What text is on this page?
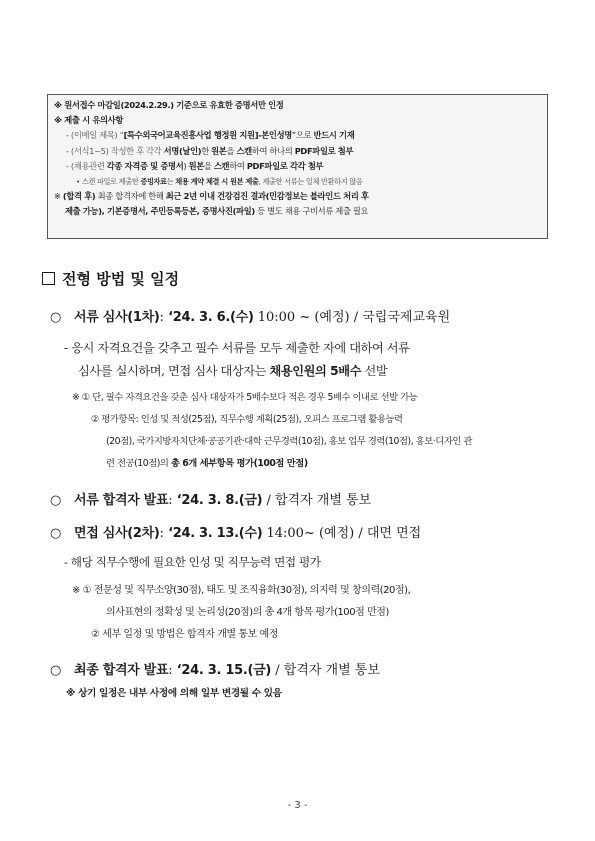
※ 원서접수 마감일(2024.2.29.) 기준으로 유효한 증명서만 인정
※ 제출 시 유의사항
- (이메일 제목) “[특수외국어교육진흥사업 행정원 지원]-본인성명”으로 반드시 기재
- (서식1~5) 작성한 후 각각 서명(날인)한 원본을 스캔하여 하나의 PDF파일로 첨부
- (채용관련 각종 자격증 및 증명서) 원본을 스캔하여 PDF파일로 각각 첨부
• 스캔 파일로 제출한 증빙자료는 채용 계약 체결 시 원본 제출, 제출한 서류는 일체 반환하지 않음
※ (합격 후) 최종 합격자에 한해 최근 2년 이내 건강검진 결과(민감정보는 블라인드 처리 후
제출 가능), 기본증명서, 주민등록등본, 증명사진(파일) 등 별도 채용 구비서류 제출 필요
전형 방법 및 일정
○ 서류 심사(1차): ‘24. 3. 6.(수) 10:00 ~ (예정) / 국립국제교육원
- 응시 자격요건을 갖추고 필수 서류를 모두 제출한 자에 대하여 서류
심사를 실시하며, 면접 심사 대상자는 채용인원의 5배수 선발
※ ① 단, 필수 자격요건을 갖춘 심사 대상자가 5배수보다 적은 경우 5배수 이내로 선발 가능
② 평가항목: 인성 및 적성(25점), 직무수행 계획(25점), 오피스 프로그램 활용능력
(20점), 국가지방자치단체·공공기관·대학 근무경력(10점), 홍보 업무 경력(10점), 홍보·디자인 관
련 전공(10점)의 총 6개 세부항목 평가(100점 만점)
○ 서류 합격자 발표: ‘24. 3. 8.(금) / 합격자 개별 통보
○ 면접 심사(2차): ‘24. 3. 13.(수) 14:00~ (예정) / 대면 면접
- 해당 직무수행에 필요한 인성 및 직무능력 면접 평가
※ ① 전문성 및 직무소양(30점), 태도 및 조직융화(30점), 의지력 및 창의력(20점),
의사표현의 정확성 및 논리성(20점)의 총 4개 항목 평가(100점 만점)
② 세부 일정 및 방법은 합격자 개별 통보 예정
○ 최종 합격자 발표: ‘24. 3. 15.(금) / 합격자 개별 통보
※ 상기 일정은 내부 사정에 의해 일부 변경될 수 있음
- 3 -
